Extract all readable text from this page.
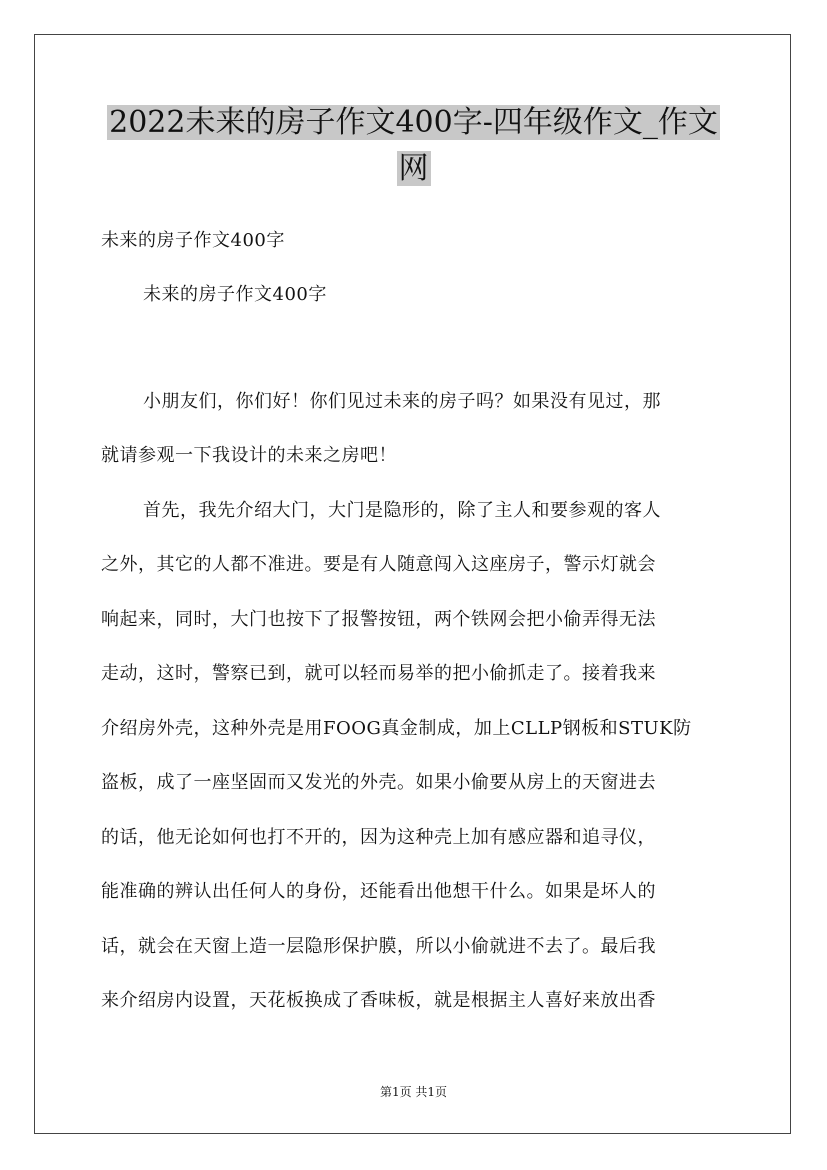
2022未来的房子作文400字-四年级作文_作文
网
未来的房子作文400字
未来的房子作文400字
小朋友们，你们好！你们见过未来的房子吗？如果没有见过，那
就请参观一下我设计的未来之房吧！
首先，我先介绍大门，大门是隐形的，除了主人和要参观的客人
之外，其它的人都不准进。要是有人随意闯入这座房子，警示灯就会
响起来，同时，大门也按下了报警按钮，两个铁网会把小偷弄得无法
走动，这时，警察已到，就可以轻而易举的把小偷抓走了。接着我来
介绍房外壳，这种外壳是用FOOG真金制成，加上CLLP钢板和STUK防
盗板，成了一座坚固而又发光的外壳。如果小偷要从房上的天窗进去
的话，他无论如何也打不开的，因为这种壳上加有感应器和追寻仪，
能准确的辨认出任何人的身份，还能看出他想干什么。如果是坏人的
话，就会在天窗上造一层隐形保护膜，所以小偷就进不去了。最后我
来介绍房内设置，天花板换成了香味板，就是根据主人喜好来放出香
第1页 共1页
